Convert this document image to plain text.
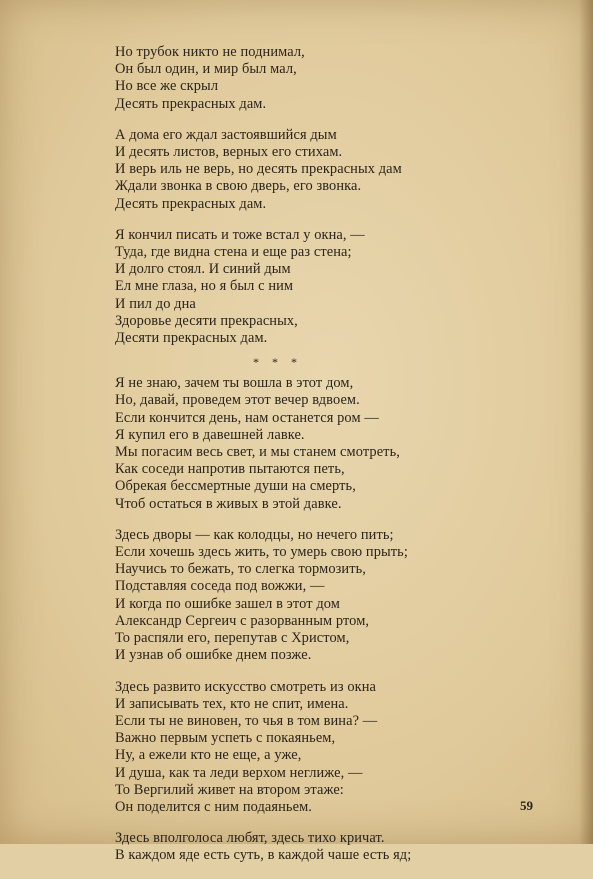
Но трубок никто не поднимал,
Он был один, и мир был мал,
Но все же скрыл
Десять прекрасных дам.
А дома его ждал застоявшийся дым
И десять листов, верных его стихам.
И верь иль не верь, но десять прекрасных дам
Ждали звонка в свою дверь, его звонка.
Десять прекрасных дам.
Я кончил писать и тоже встал у окна, —
Туда, где видна стена и еще раз стена;
И долго стоял. И синий дым
Ел мне глаза, но я был с ним
И пил до дна
Здоровье десяти прекрасных,
Десяти прекрасных дам.
* * *
Я не знаю, зачем ты вошла в этот дом,
Но, давай, проведем этот вечер вдвоем.
Если кончится день, нам останется ром —
Я купил его в давешней лавке.
Мы погасим весь свет, и мы станем смотреть,
Как соседи напротив пытаются петь,
Обрекая бессмертные души на смерть,
Чтоб остаться в живых в этой давке.
Здесь дворы — как колодцы, но нечего пить;
Если хочешь здесь жить, то умерь свою прыть;
Научись то бежать, то слегка тормозить,
Подставляя соседа под вожжи, —
И когда по ошибке зашел в этот дом
Александр Сергеич с разорванным ртом,
То распяли его, перепутав с Христом,
И узнав об ошибке днем позже.
Здесь развито искусство смотреть из окна
И записывать тех, кто не спит, имена.
Если ты не виновен, то чья в том вина? —
Важно первым успеть с покаяньем,
Ну, а ежели кто не еще, а уже,
И душа, как та леди верхом неглиже, —
То Вергилий живет на втором этаже:
Он поделится с ним подаяньем.
Здесь вполголоса любят, здесь тихо кричат.
В каждом яде есть суть, в каждой чаше есть яд;
59
